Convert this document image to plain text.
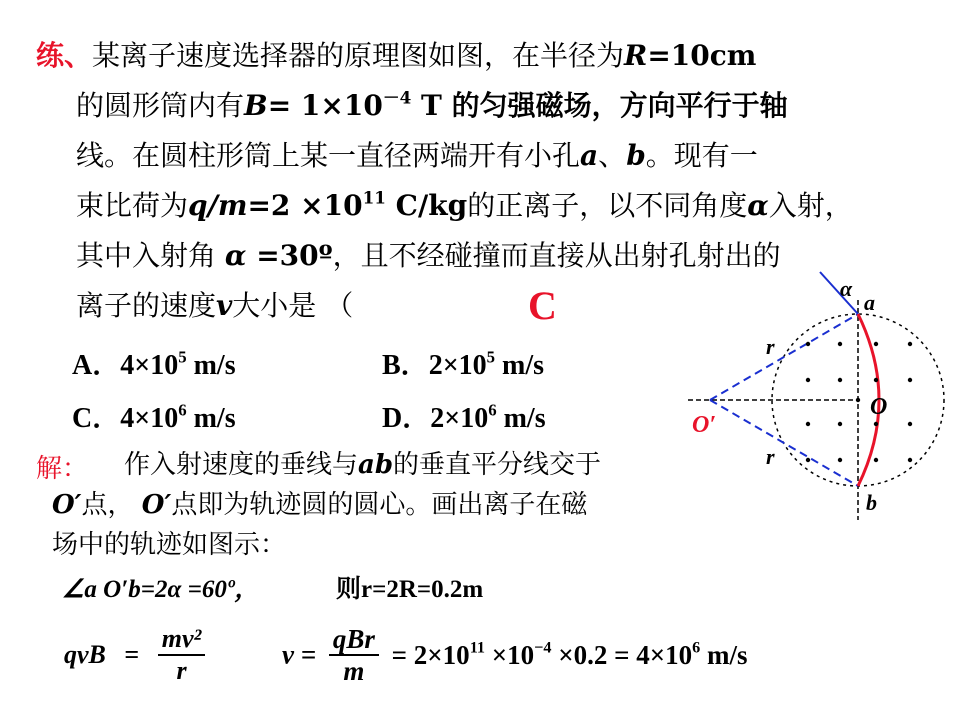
练、某离子速度选择器的原理图如图，在半径为R=10cm
的圆形筒内有$B= 1\times 10^{-4}$ T 的匀强磁场，方向平行于轴
线。在圆柱形筒上某一直径两端开有小孔a、b。现有一
束比荷为$q/m=2 \times 10^{11}$ C/kg的正离子，以不同角度α入射，
其中入射角 α =30º，且不经碰撞而直接从出射孔射出的
离子的速度v大小是 （	C
A．$4\times 10^5$ m/s	B．$2\times 10^5$ m/s
C．$4\times 10^6$ m/s	D．$2\times 10^6$ m/s
解： 作入射速度的垂线与ab的垂直平分线交于
O′点， O′点即为轨迹圆的圆心。画出离子在磁
场中的轨迹如图示：
∠a O′b=2α =60º，	则r=2R=0.2m
qvB = $\frac{\text{mv²}}{r}$	$v = \frac{\text{qBr}}{m} = 2\times 10^{11} \times 10^{-4} \times 0.2 = 4\times 10^6$ m/s
α
a
b
O
O′
r
r
